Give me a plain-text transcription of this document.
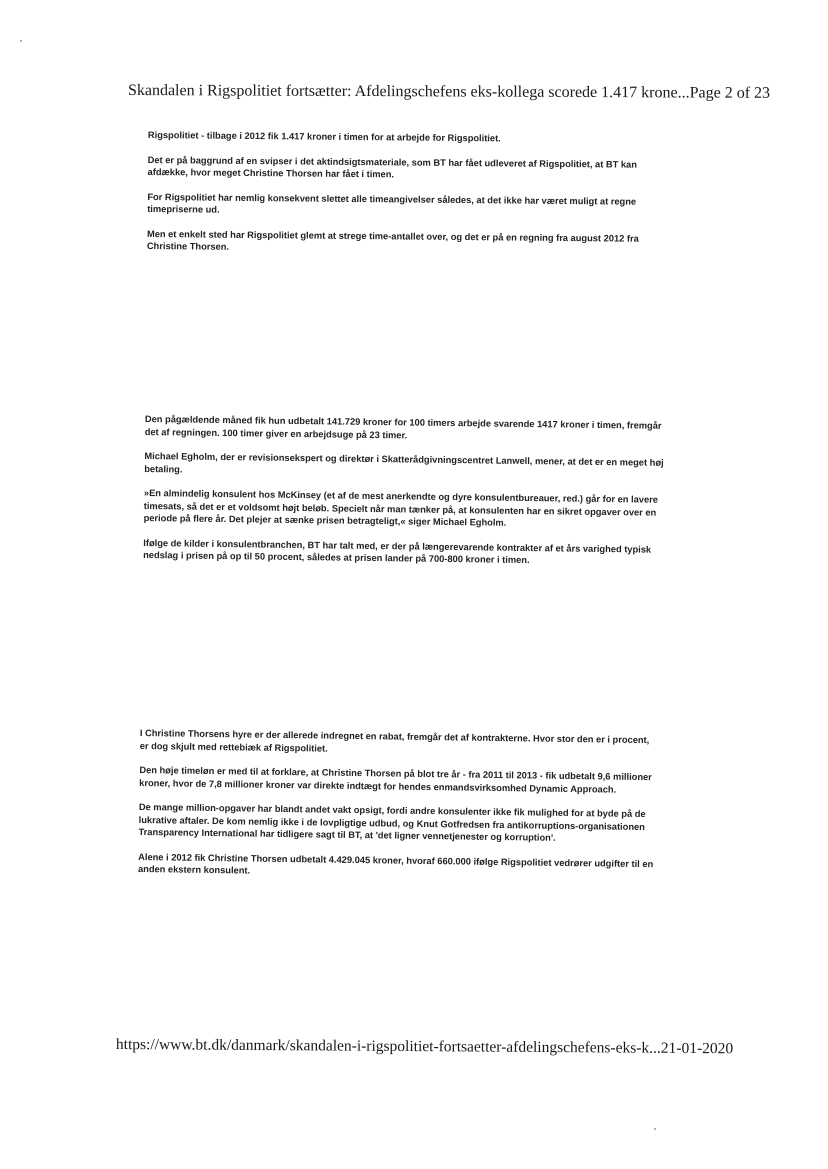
Skandalen i Rigspolitiet fortsætter: Afdelingschefens eks-kollega scorede 1.417 krone... Page 2 of 23

Rigspolitiet - tilbage i 2012 fik 1.417 kroner i timen for at arbejde for Rigspolitiet.

Det er på baggrund af en svipser i det aktindsigtsmateriale, som BT har fået udleveret af Rigspolitiet, at BT kan afdække, hvor meget Christine Thorsen har fået i timen.

For Rigspolitiet har nemlig konsekvent slettet alle timeangivelser således, at det ikke har været muligt at regne timepriserne ud.

Men et enkelt sted har Rigspolitiet glemt at strege time-antallet over, og det er på en regning fra august 2012 fra Christine Thorsen.

Den pågældende måned fik hun udbetalt 141.729 kroner for 100 timers arbejde svarende 1417 kroner i timen, fremgår det af regningen. 100 timer giver en arbejdsuge på 23 timer.

Michael Egholm, der er revisionsekspert og direktør i Skatterådgivningscentret Lanwell, mener, at det er en meget høj betaling.

»En almindelig konsulent hos McKinsey (et af de mest anerkendte og dyre konsulentbureauer, red.) går for en lavere timesats, så det er et voldsomt højt beløb. Specielt når man tænker på, at konsulenten har en sikret opgaver over en periode på flere år. Det plejer at sænke prisen betragteligt,« siger Michael Egholm.

Ifølge de kilder i konsulentbranchen, BT har talt med, er der på længerevarende kontrakter af et års varighed typisk nedslag i prisen på op til 50 procent, således at prisen lander på 700-800 kroner i timen.

I Christine Thorsens hyre er der allerede indregnet en rabat, fremgår det af kontrakterne. Hvor stor den er i procent, er dog skjult med rettebiæk af Rigspolitiet.

Den høje timeløn er med til at forklare, at Christine Thorsen på blot tre år - fra 2011 til 2013 - fik udbetalt 9,6 millioner kroner, hvor de 7,8 millioner kroner var direkte indtægt for hendes enmandsvirksomhed Dynamic Approach.

De mange million-opgaver har blandt andet vakt opsigt, fordi andre konsulenter ikke fik mulighed for at byde på de lukrative aftaler. De kom nemlig ikke i de lovpligtige udbud, og Knut Gotfredsen fra antikorruptions-organisationen Transparency International har tidligere sagt til BT, at 'det ligner vennetjenester og korruption'.

Alene i 2012 fik Christine Thorsen udbetalt 4.429.045 kroner, hvoraf 660.000 ifølge Rigspolitiet vedrører udgifter til en anden ekstern konsulent.

https://www.bt.dk/danmark/skandalen-i-rigspolitiet-fortsaetter-afdelingschefens-eks-k... 21-01-2020
